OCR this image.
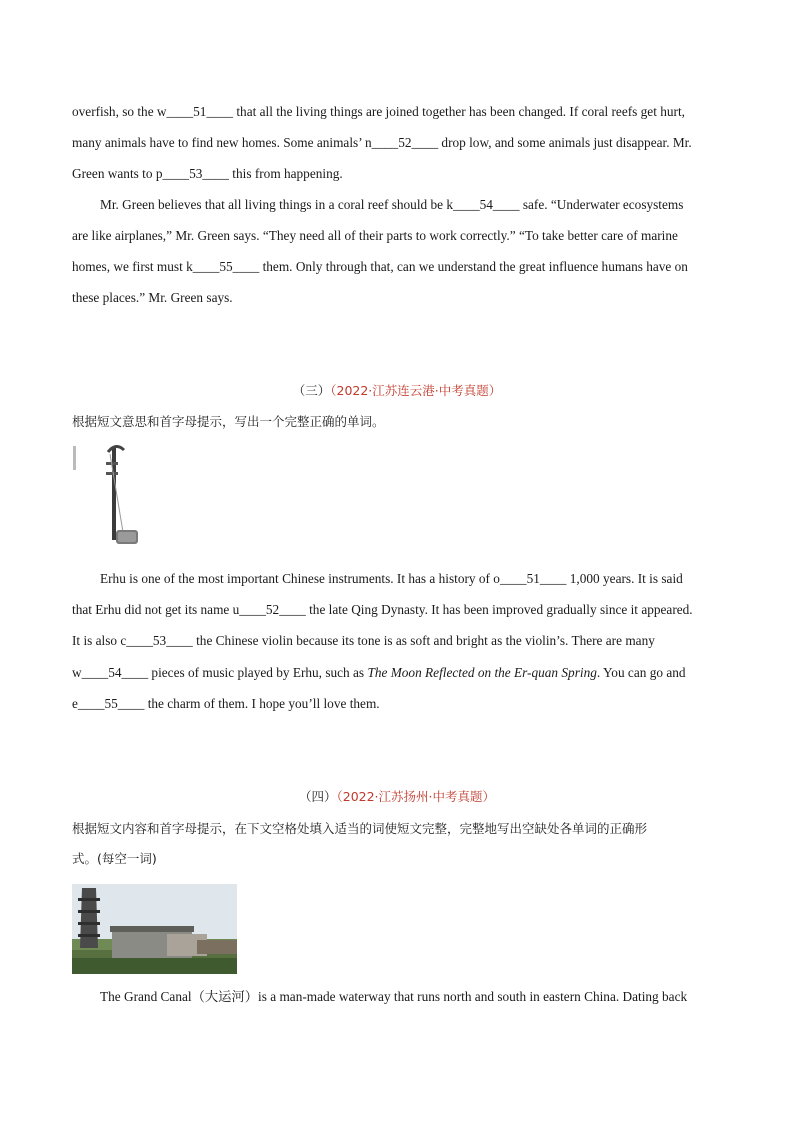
overfish, so the w____51____ that all the living things are joined together has been changed. If coral reefs get hurt,
many animals have to find new homes. Some animals’ n____52____ drop low, and some animals just disappear. Mr.
Green wants to p____53____ this from happening.
Mr. Green believes that all living things in a coral reef should be k____54____ safe. “Underwater ecosystems
are like airplanes,” Mr. Green says. “They need all of their parts to work correctly.” “To take better care of marine
homes, we first must k____55____ them. Only through that, can we understand the great influence humans have on
these places.” Mr. Green says.
（三）（2022·江苏连云港·中考真题）
根据短文意思和首字母提示，写出一个完整正确的单词。
Erhu is one of the most important Chinese instruments. It has a history of o____51____ 1,000 years. It is said
that Erhu did not get its name u____52____ the late Qing Dynasty. It has been improved gradually since it appeared.
It is also c____53____ the Chinese violin because its tone is as soft and bright as the violin’s. There are many
w____54____ pieces of music played by Erhu, such as The Moon Reflected on the Er-quan Spring. You can go and
e____55____ the charm of them. I hope you’ll love them.
（四）（2022·江苏扬州·中考真题）
根据短文内容和首字母提示，在下文空格处填入适当的词使短文完整，完整地写出空缺处各单词的正确形
式。(每空一词)
The Grand Canal（大运河）is a man-made waterway that runs north and south in eastern China. Dating back
